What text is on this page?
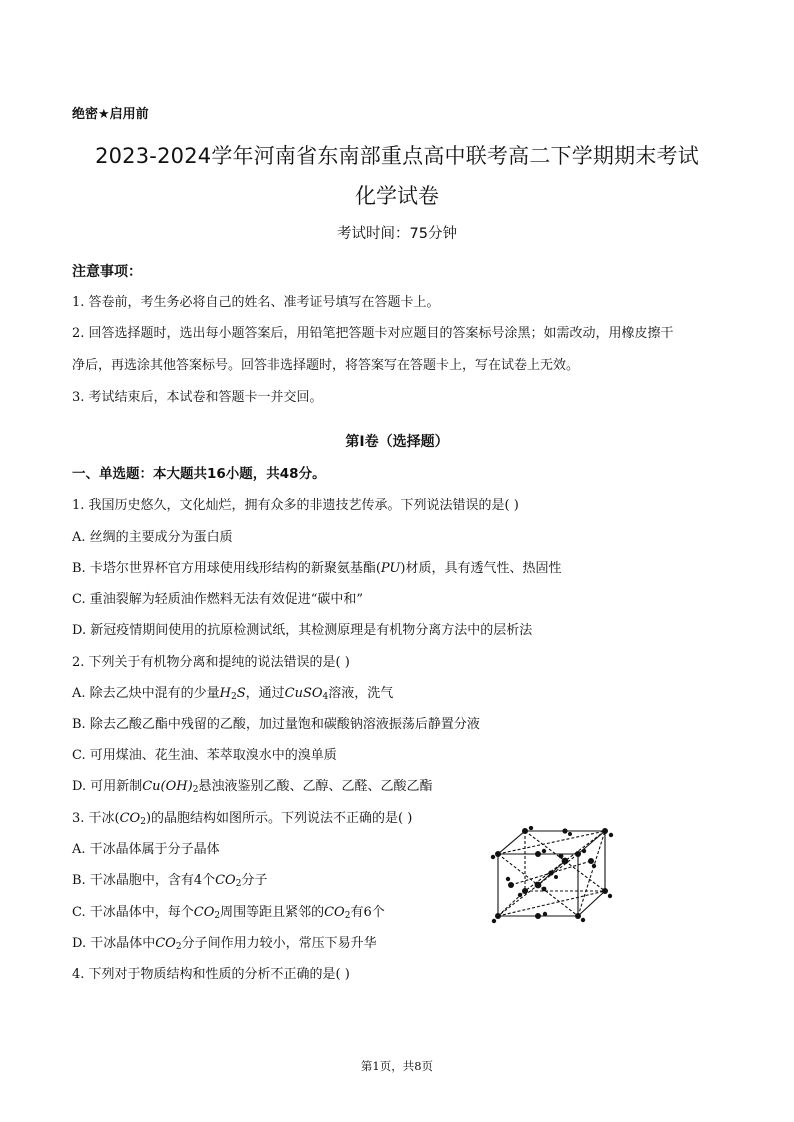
绝密★启用前
2023-2024学年河南省东南部重点高中联考高二下学期期末考试
化学试卷
考试时间：75分钟
注意事项：
1. 答卷前，考生务必将自己的姓名、准考证号填写在答题卡上。
2. 回答选择题时，选出每小题答案后，用铅笔把答题卡对应题目的答案标号涂黑；如需改动，用橡皮擦干
净后，再选涂其他答案标号。回答非选择题时，将答案写在答题卡上，写在试卷上无效。
3. 考试结束后，本试卷和答题卡一并交回。
第Ⅰ卷（选择题）
一、单选题：本大题共16小题，共48分。
1. 我国历史悠久，文化灿烂，拥有众多的非遗技艺传承。下列说法错误的是( )
A. 丝绸的主要成分为蛋白质
B. 卡塔尔世界杯官方用球使用线形结构的新聚氨基酯(PU)材质，具有透气性、热固性
C. 重油裂解为轻质油作燃料无法有效促进“碳中和”
D. 新冠疫情期间使用的抗原检测试纸，其检测原理是有机物分离方法中的层析法
2. 下列关于有机物分离和提纯的说法错误的是( )
A. 除去乙炔中混有的少量$H_2S$，通过CuSO$_4$溶液，洗气
B. 除去乙酸乙酯中残留的乙酸，加过量饱和碳酸钠溶液振荡后静置分液
C. 可用煤油、花生油、苯萃取溴水中的溴单质
D. 可用新制$Cu(OH)_2$悬浊液鉴别乙酸、乙醇、乙醛、乙酸乙酯
3. 干冰$(CO_2)$的晶胞结构如图所示。下列说法不正确的是( )
A. 干冰晶体属于分子晶体
B. 干冰晶胞中，含有4个$CO_2$分子
C. 干冰晶体中，每个$CO_2$周围等距且紧邻的$CO_2$有6个
D. 干冰晶体中$CO_2$分子间作用力较小，常压下易升华
4. 下列对于物质结构和性质的分析不正确的是( )
第1页，共8页
